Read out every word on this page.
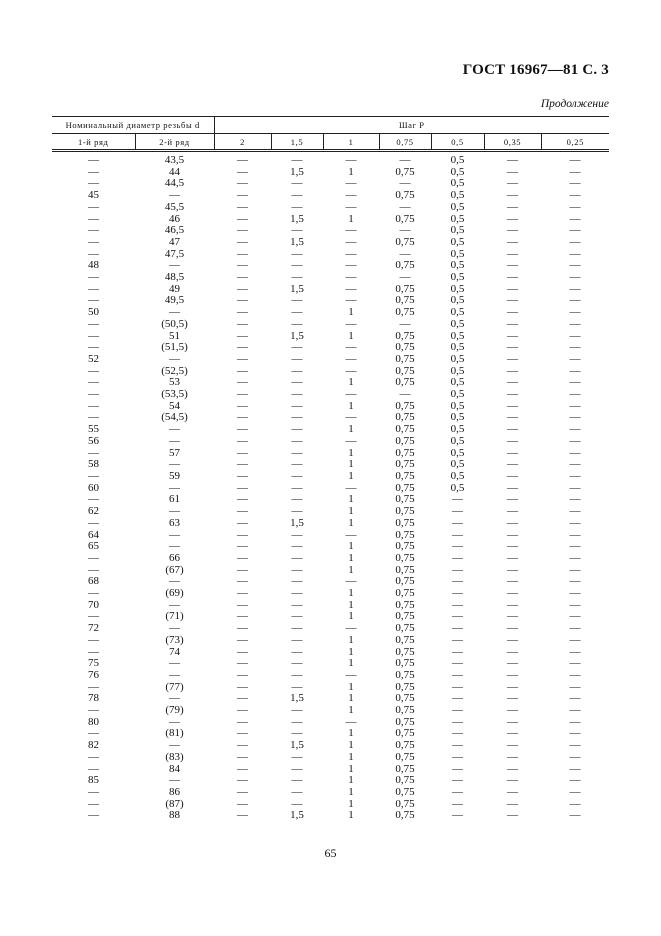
ГОСТ 16967—81 С. 3
Продолжение
Номинальный диаметр резьбы d		Шаг P						
1-й ряд	2-й ряд	2	1,5	1	0,75	0,5	0,35	0,25
—	43,5	—	—	—	—	0,5	—	—
—	44	—	1,5	1	0,75	0,5	—	—
—	44,5	—	—	—	—	0,5	—	—
45	—	—	—	—	0,75	0,5	—	—
—	45,5	—	—	—	—	0,5	—	—
—	46	—	1,5	1	0,75	0,5	—	—
—	46,5	—	—	—	—	0,5	—	—
—	47	—	1,5	—	0,75	0,5	—	—
—	47,5	—	—	—	—	0,5	—	—
48	—	—	—	—	0,75	0,5	—	—
—	48,5	—	—	—	—	0,5	—	—
—	49	—	1,5	—	0,75	0,5	—	—
—	49,5	—	—	—	0,75	0,5	—	—
50	—	—	—	1	0,75	0,5	—	—
—	(50,5)	—	—	—	—	0,5	—	—
—	51	—	1,5	1	0,75	0,5	—	—
—	(51,5)	—	—	—	0,75	0,5	—	—
52	—	—	—	—	0,75	0,5	—	—
—	(52,5)	—	—	—	0,75	0,5	—	—
—	53	—	—	1	0,75	0,5	—	—
—	(53,5)	—	—	—	—	0,5	—	—
—	54	—	—	1	0,75	0,5	—	—
—	(54,5)	—	—	—	0,75	0,5	—	—
55	—	—	—	1	0,75	0,5	—	—
56	—	—	—	—	0,75	0,5	—	—
—	57	—	—	1	0,75	0,5	—	—
58	—	—	—	1	0,75	0,5	—	—
—	59	—	—	1	0,75	0,5	—	—
60	—	—	—	—	0,75	0,5	—	—
—	61	—	—	1	0,75	—	—	—
62	—	—	—	1	0,75	—	—	—
—	63	—	1,5	1	0,75	—	—	—
64	—	—	—	—	0,75	—	—	—
65	—	—	—	1	0,75	—	—	—
—	66	—	—	1	0,75	—	—	—
—	(67)	—	—	1	0,75	—	—	—
68	—	—	—	—	0,75	—	—	—
—	(69)	—	—	1	0,75	—	—	—
70	—	—	—	1	0,75	—	—	—
—	(71)	—	—	1	0,75	—	—	—
72	—	—	—	—	0,75	—	—	—
—	(73)	—	—	1	0,75	—	—	—
—	74	—	—	1	0,75	—	—	—
75	—	—	—	1	0,75	—	—	—
76	—	—	—	—	0,75	—	—	—
—	(77)	—	—	1	0,75	—	—	—
78	—	—	1,5	1	0,75	—	—	—
—	(79)	—	—	1	0,75	—	—	—
80	—	—	—	—	0,75	—	—	—
—	(81)	—	—	1	0,75	—	—	—
82	—	—	1,5	1	0,75	—	—	—
—	(83)	—	—	1	0,75	—	—	—
—	84	—	—	1	0,75	—	—	—
85	—	—	—	1	0,75	—	—	—
—	86	—	—	1	0,75	—	—	—
—	(87)	—	—	1	0,75	—	—	—
—	88	—	1,5	1	0,75	—	—	—
65
